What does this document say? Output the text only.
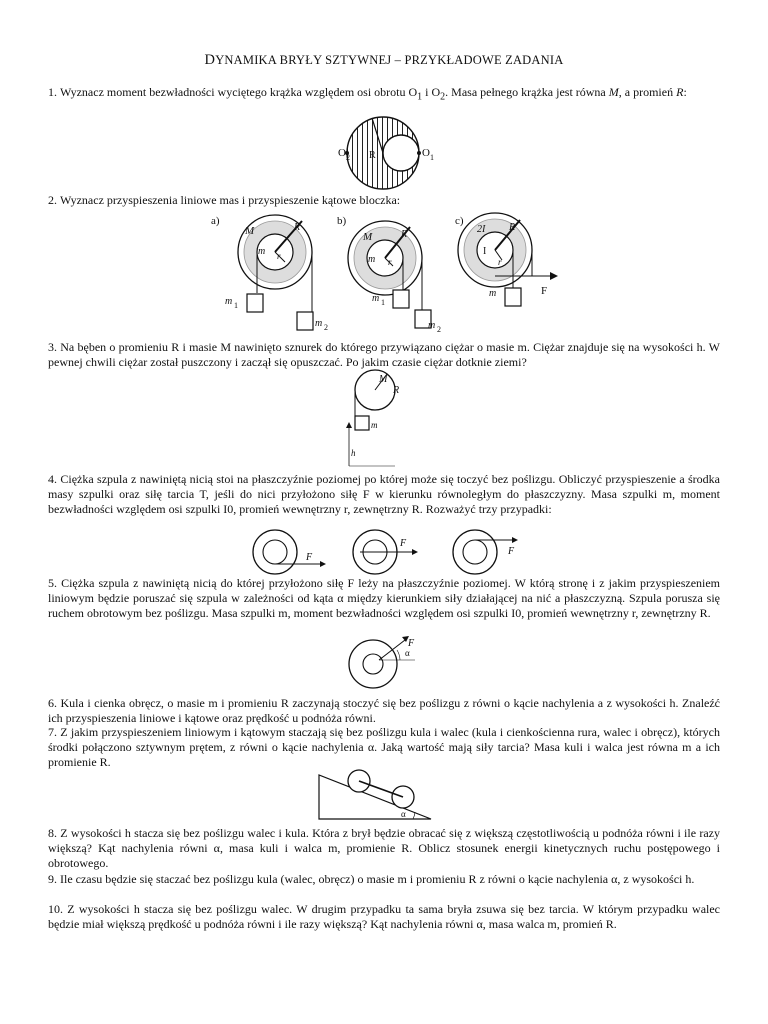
DYNAMIKA BRYŁY SZTYWNEJ – PRZYKŁADOWE ZADANIA
1. Wyznacz moment bezwładności wyciętego krążka względem osi obrotu $O_1$ i $O_2$. Masa pełnego krążka jest równa M, a promień R:
O 2	O 1
R
2. Wyznacz przyspieszenia liniowe mas i przyspieszenie kątowe bloczka:
a)
M	R
m r
m 1
m 2
b)
M	R
m r
m 1
m 2
c)
2I
I
R
r
m	F
3. Na bęben o promieniu R i masie M nawinięto sznurek do którego przywiązano ciężar o masie m. Ciężar znajduje się na wysokości h. W pewnej chwili ciężar został puszczony i zaczął się opuszczać. Po jakim czasie ciężar dotknie ziemi?
M
R
m
h
4. Ciężka szpula z nawiniętą nicią stoi na płaszczyźnie poziomej po której może się toczyć bez poślizgu. Obliczyć przyspieszenie a środka masy szpulki oraz siłę tarcia T, jeśli do nici przyłożono siłę F w kierunku równoległym do płaszczyzny. Masa szpulki m, moment bezwładności względem osi szpulki I0, promień wewnętrzny r, zewnętrzny R. Rozważyć trzy przypadki:
F
F
F
5. Ciężka szpula z nawiniętą nicią do której przyłożono siłę F leży na płaszczyźnie poziomej. W którą stronę i z jakim przyspieszeniem liniowym będzie poruszać się szpula w zależności od kąta α między kierunkiem siły działającej na nić a płaszczyzną. Szpula porusza się ruchem obrotowym bez poślizgu. Masa szpulki m, moment bezwładności względem osi szpulki I0, promień wewnętrzny r, zewnętrzny R.
F
α
6. Kula i cienka obręcz, o masie m i promieniu R zaczynają stoczyć się bez poślizgu z równi o kącie nachylenia a z wysokości h. Znaleźć ich przyspieszenia liniowe i kątowe oraz prędkość u podnóża równi.
7. Z jakim przyspieszeniem liniowym i kątowym staczają się bez poślizgu kula i walec (kula i cienkościenna rura, walec i obręcz), których środki połączono sztywnym prętem, z równi o kącie nachylenia α. Jaką wartość mają siły tarcia? Masa kuli i walca jest równa m a ich promienie R.
α
8. Z wysokości h stacza się bez poślizgu walec i kula. Która z brył będzie obracać się z większą częstotliwością u podnóża równi i ile razy większą? Kąt nachylenia równi α, masa kuli i walca m, promienie R. Oblicz stosunek energii kinetycznych ruchu postępowego i obrotowego.
9. Ile czasu będzie się staczać bez poślizgu kula (walec, obręcz) o masie m i promieniu R z równi o kącie nachylenia α, z wysokości h.
10. Z wysokości h stacza się bez poślizgu walec. W drugim przypadku ta sama bryła zsuwa się bez tarcia. W którym przypadku walec będzie miał większą prędkość u podnóża równi i ile razy większą? Kąt nachylenia równi α, masa walca m, promień R.
